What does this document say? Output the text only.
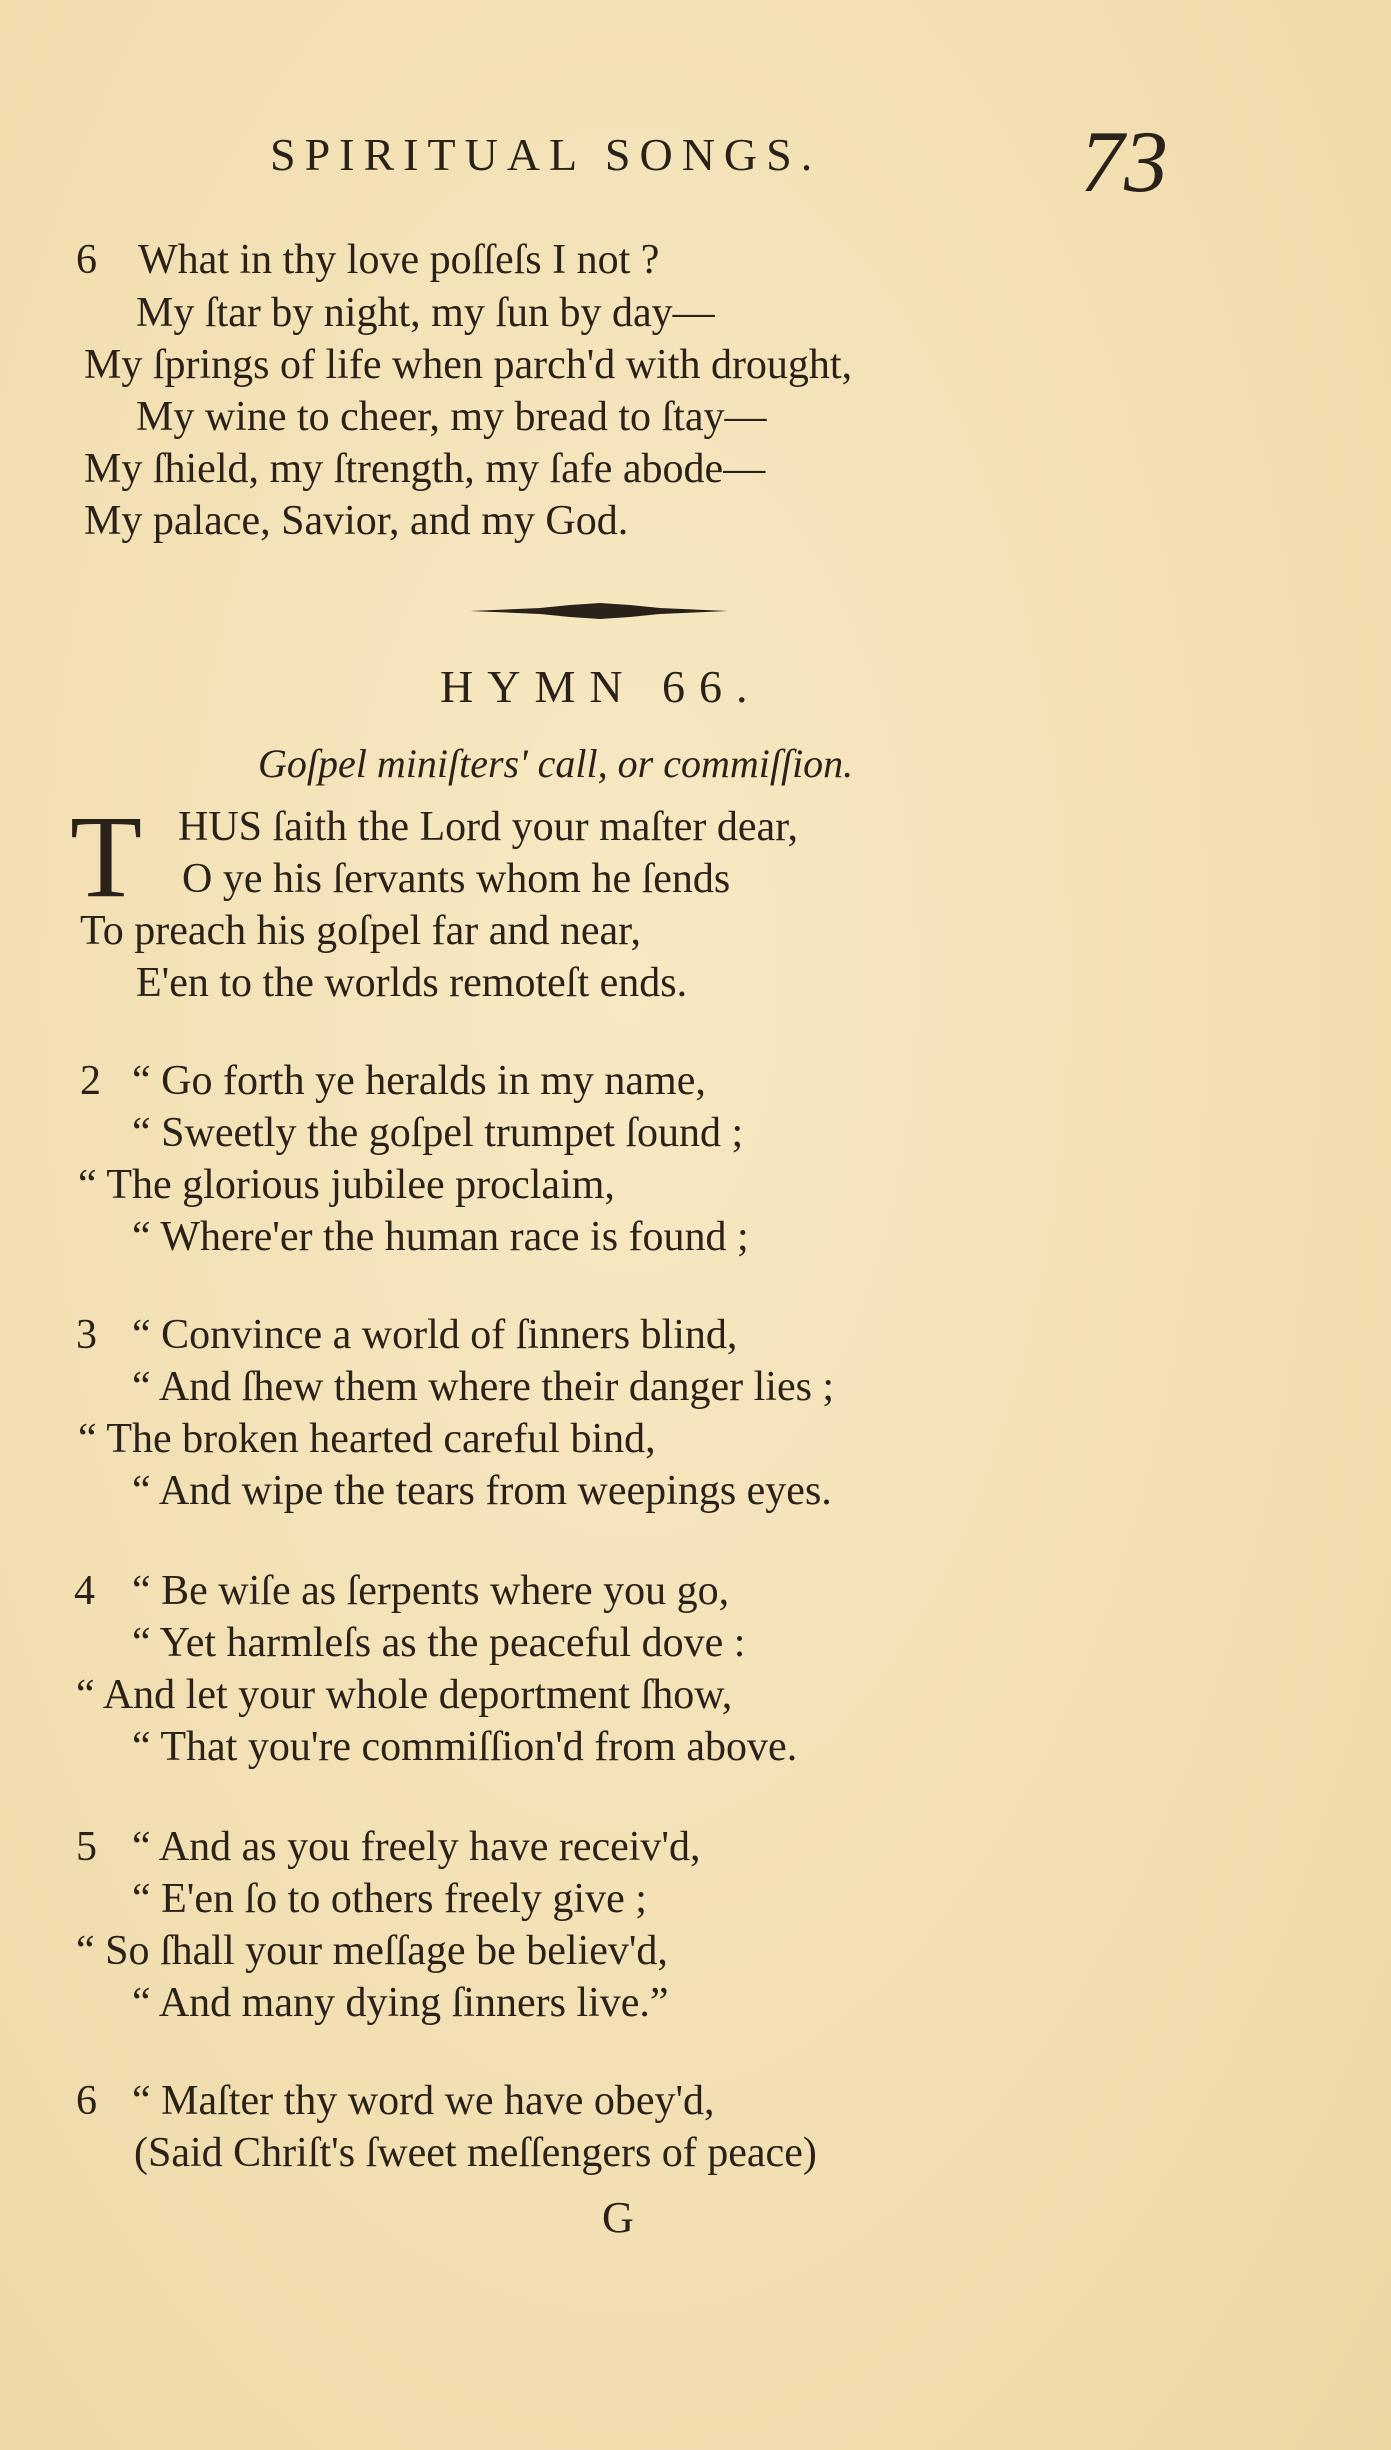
SPIRITUAL SONGS.	73
6 What in thy love poſſeſs I not ?
My ſtar by night, my ſun by day—
My ſprings of life when parch'd with drought,
My wine to cheer, my bread to ſtay—
My ſhield, my ſtrength, my ſafe abode—
My palace, Savior, and my God.
HYMN 66.
Goſpel miniſters' call, or commiſſion.
T HUS ſaith the Lord your maſter dear,
O ye his ſervants whom he ſends
To preach his goſpel far and near,
E'en to the worlds remoteſt ends.
2 “ Go forth ye heralds in my name,
“ Sweetly the goſpel trumpet ſound ;
“ The glorious jubilee proclaim,
“ Where'er the human race is found ;
3 “ Convince a world of ſinners blind,
“ And ſhew them where their danger lies ;
“ The broken hearted careful bind,
“ And wipe the tears from weepings eyes.
4 “ Be wiſe as ſerpents where you go,
“ Yet harmleſs as the peaceful dove :
“ And let your whole deportment ſhow,
“ That you're commiſſion'd from above.
5 “ And as you freely have receiv'd,
“ E'en ſo to others freely give ;
“ So ſhall your meſſage be believ'd,
“ And many dying ſinners live.”
6 “ Maſter thy word we have obey'd,
(Said Chriſt's ſweet meſſengers of peace)
G
